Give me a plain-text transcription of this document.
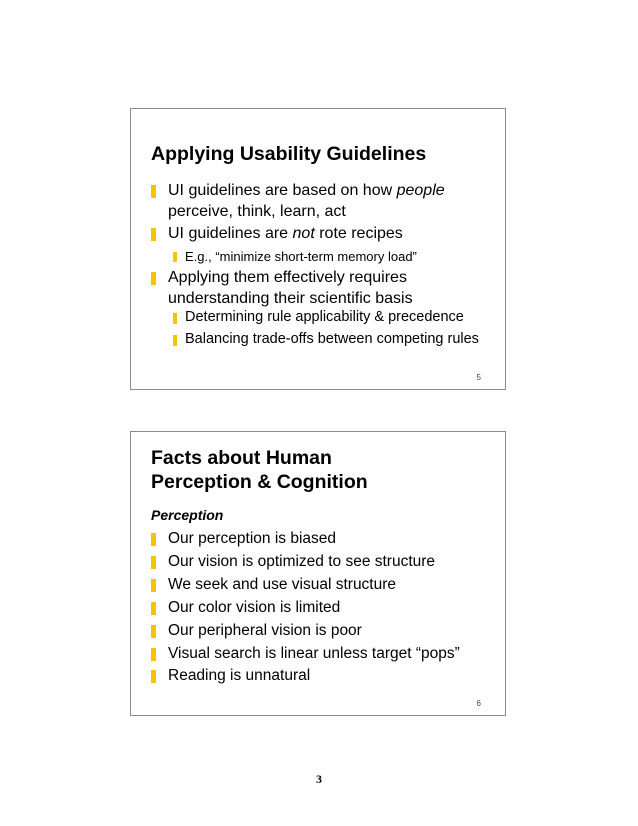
Applying Usability Guidelines
UI guidelines are based on how people perceive, think, learn, act
UI guidelines are not rote recipes
E.g., “minimize short-term memory load”
Applying them effectively requires understanding their scientific basis
Determining rule applicability & precedence
Balancing trade-offs between competing rules
5
Facts about Human
Perception & Cognition
Perception
Our perception is biased
Our vision is optimized to see structure
We seek and use visual structure
Our color vision is limited
Our peripheral vision is poor
Visual search is linear unless target “pops”
Reading is unnatural
6
3
